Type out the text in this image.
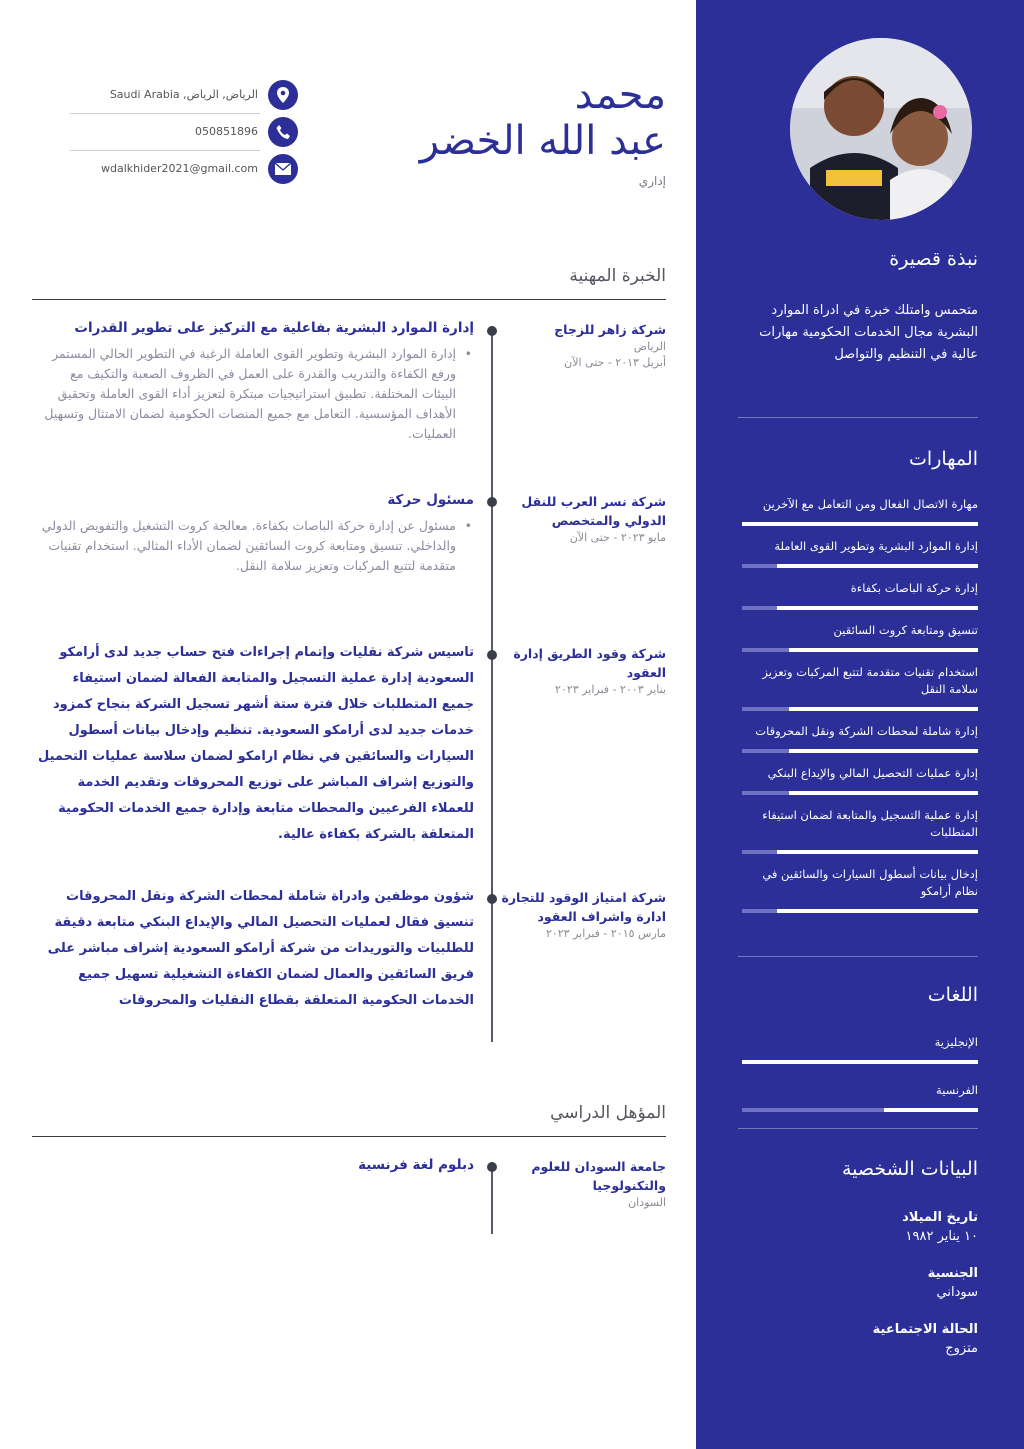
نبذة قصيرة
متحمس وامتلك خبرة في ادراة الموارد البشرية مجال الخدمات الحكومية مهارات عالية في التنظيم والتواصل
المهارات
مهارة الاتصال الفعال ومن التعامل مع الآخرين
إدارة الموارد البشرية وتطوير القوى العاملة
إدارة حركة الباصات بكفاءة
تنسيق ومتابعة كروت السائقين
استخدام تقنيات متقدمة لتتبع المركبات وتعزيز سلامة النقل
إدارة شاملة لمحطات الشركة ونقل المحروقات
إدارة عمليات التحصيل المالي والإيداع البنكي
إدارة عملية التسجيل والمتابعة لضمان استيفاء المتطلبات
إدخال بيانات أسطول السيارات والسائقين في نظام أرامكو
اللغات
الإنجليزية
الفرنسية
البيانات الشخصية
تاريخ الميلاد
١٠ يناير ١٩٨٢
الجنسية
سوداني
الحالة الاجتماعية
متزوج
محمد
عبد الله الخضر
إداري
الرياض, الرياض, Saudi Arabia
050851896
wdalkhider2021@gmail.com
الخبرة المهنية
شركة زاهر للزجاج
الرياض
أبريل ٢٠١٣ - حتى الآن
إدارة الموارد البشرية بفاعلية مع التركيز على تطوير القدرات
• إدارة الموارد البشرية وتطوير القوى العاملة الرغبة في التطوير الحالي المستمر ورفع الكفاءة والتدريب والقدرة على العمل في الظروف الصعبة والتكيف مع البيئات المختلفة. تطبيق استراتيجيات مبتكرة لتعزيز أداء القوى العاملة وتحقيق الأهداف المؤسسية. التعامل مع جميع المنصات الحكومية لضمان الامتثال وتسهيل العمليات.
شركة نسر العرب للنقل الدولي والمتخصص
مايو ٢٠٢٣ - حتى الآن
مسئول حركة
• مسئول عن إدارة حركة الباصات بكفاءة. معالجة كروت التشغيل والتفويض الدولي والداخلي. تنسيق ومتابعة كروت السائقين لضمان الأداء المثالي. استخدام تقنيات متقدمة لتتبع المركبات وتعزيز سلامة النقل.
شركة وقود الطريق إدارة العقود
يناير ٢٠٠٣ - فبراير ٢٠٢٣
تاسيس شركة نقليات وإتمام إجراءات فتح حساب جديد لدى أرامكو السعودية إدارة عملية التسجيل والمتابعة الفعالة لضمان استيفاء جميع المتطلبات خلال فترة ستة أشهر تسجيل الشركة بنجاح كمزود خدمات جديد لدى أرامكو السعودية. تنظيم وإدخال بيانات أسطول السيارات والسائقين في نظام ارامكو لضمان سلاسة عمليات التحميل والتوزيع إشراف المباشر على توزيع المحروقات وتقديم الخدمة للعملاء الفرعيين والمحطات متابعة وإدارة جميع الخدمات الحكومية المتعلقة بالشركة بكفاءة عالية.
شركة امتياز الوقود للتجارة ادارة واشراف العقود
مارس ٢٠١٥ - فبراير ٢٠٢٣
شؤون موظفين وادراة شاملة لمحطات الشركة ونقل المحروقات تنسيق فقال لعمليات التحصيل المالي والإيداع البنكي متابعة دقيقة للطلبيات والتوريدات من شركة أرامكو السعودية إشراف مباشر على فريق السائقين والعمال لضمان الكفاءة التشغيلية تسهيل جميع الخدمات الحكومية المتعلقة بقطاع النقليات والمحروقات
المؤهل الدراسي
جامعة السودان للعلوم والتكنولوجيا
السودان
دبلوم لغة فرنسية
